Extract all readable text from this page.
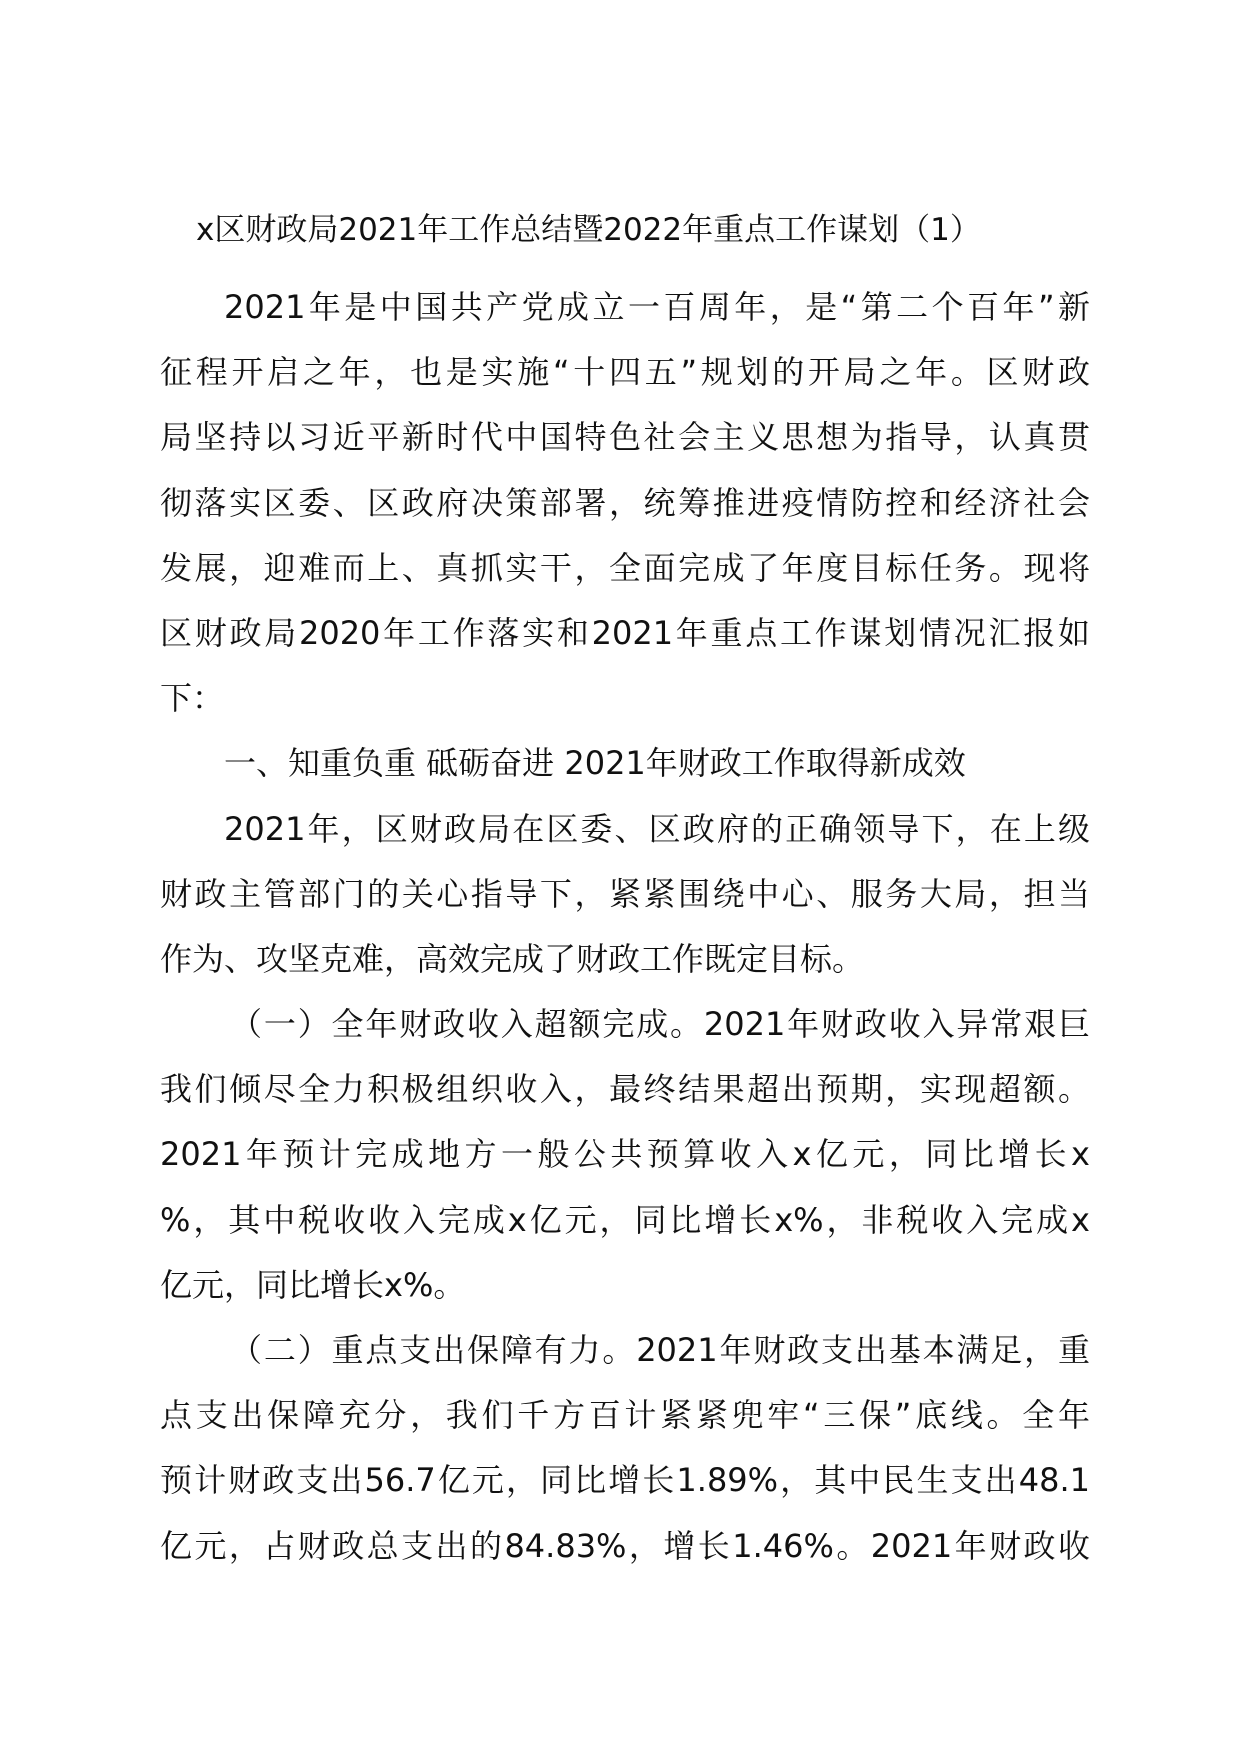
x区财政局2021年工作总结暨2022年重点工作谋划（1）
2021年是中国共产党成立一百周年，是“第二个百年”新
征程开启之年，也是实施“十四五”规划的开局之年。区财政
局坚持以习近平新时代中国特色社会主义思想为指导，认真贯
彻落实区委、区政府决策部署，统筹推进疫情防控和经济社会
发展，迎难而上、真抓实干，全面完成了年度目标任务。现将
区财政局2020年工作落实和2021年重点工作谋划情况汇报如
下：
一、知重负重 砥砺奋进 2021年财政工作取得新成效
2021年，区财政局在区委、区政府的正确领导下，在上级
财政主管部门的关心指导下，紧紧围绕中心、服务大局，担当
作为、攻坚克难，高效完成了财政工作既定目标。
（一）全年财政收入超额完成。2021年财政收入异常艰巨
我们倾尽全力积极组织收入，最终结果超出预期，实现超额。
2021年预计完成地方一般公共预算收入x亿元，同比增长x
%，其中税收收入完成x亿元，同比增长x%，非税收入完成x
亿元，同比增长x%。
（二）重点支出保障有力。2021年财政支出基本满足，重
点支出保障充分，我们千方百计紧紧兜牢“三保”底线。全年
预计财政支出56.7亿元，同比增长1.89%，其中民生支出48.1
亿元，占财政总支出的84.83%，增长1.46%。2021年财政收
